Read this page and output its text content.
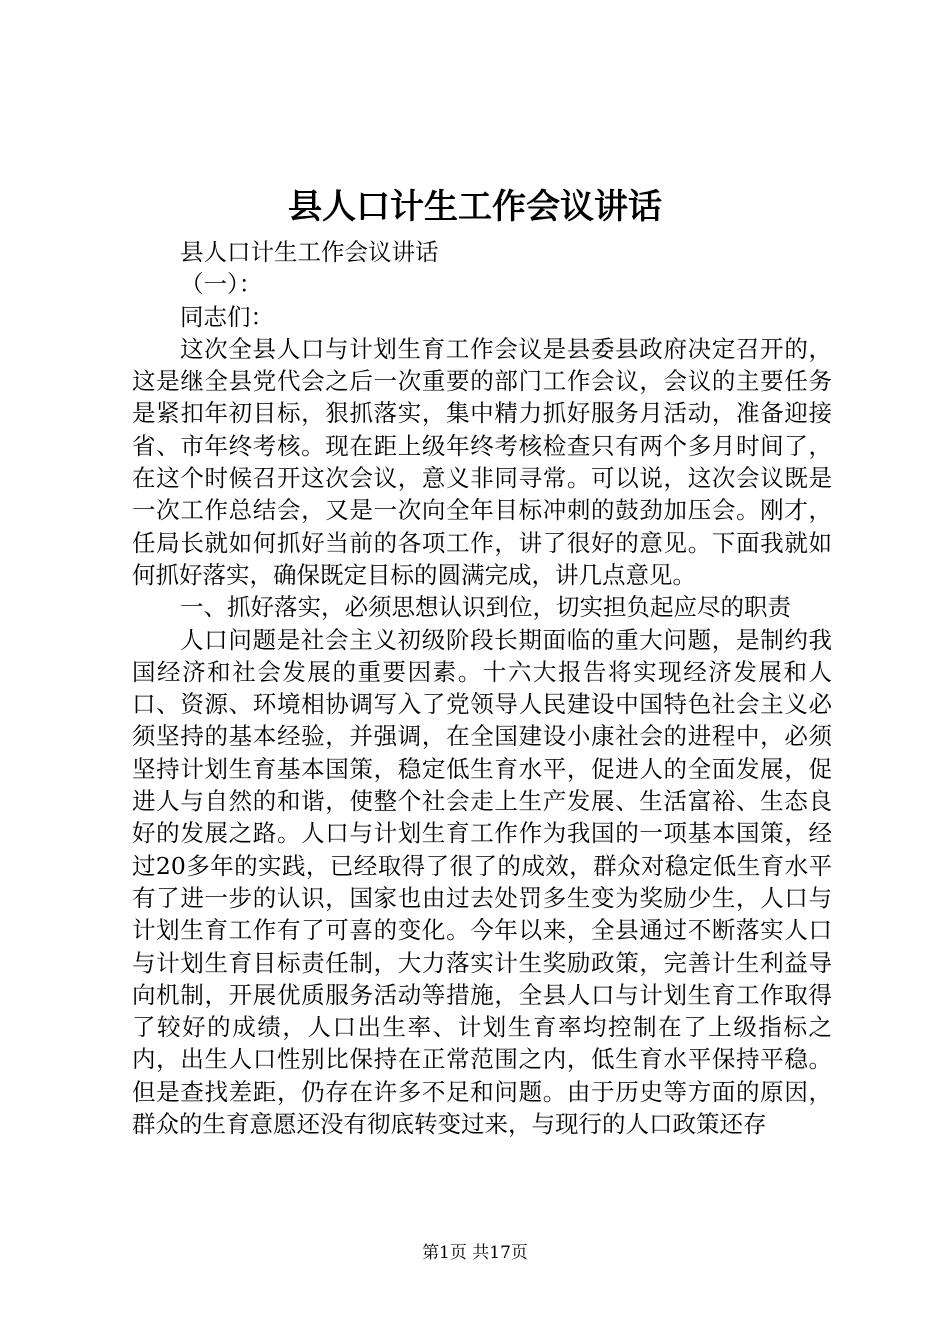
县人口计生工作会议讲话

县人口计生工作会议讲话

（一）：

同志们：

这次全县人口与计划生育工作会议是县委县政府决定召开的，这是继全县党代会之后一次重要的部门工作会议，会议的主要任务是紧扣年初目标，狠抓落实，集中精力抓好服务月活动，准备迎接省、市年终考核。现在距上级年终考核检查只有两个多月时间了，在这个时候召开这次会议，意义非同寻常。可以说，这次会议既是一次工作总结会，又是一次向全年目标冲刺的鼓劲加压会。刚才，任局长就如何抓好当前的各项工作，讲了很好的意见。下面我就如何抓好落实，确保既定目标的圆满完成，讲几点意见。

一、抓好落实，必须思想认识到位，切实担负起应尽的职责

人口问题是社会主义初级阶段长期面临的重大问题，是制约我国经济和社会发展的重要因素。十六大报告将实现经济发展和人口、资源、环境相协调写入了党领导人民建设中国特色社会主义必须坚持的基本经验，并强调，在全国建设小康社会的进程中，必须坚持计划生育基本国策，稳定低生育水平，促进人的全面发展，促进人与自然的和谐，使整个社会走上生产发展、生活富裕、生态良好的发展之路。人口与计划生育工作作为我国的一项基本国策，经过20多年的实践，已经取得了很了的成效，群众对稳定低生育水平有了进一步的认识，国家也由过去处罚多生变为奖励少生，人口与计划生育工作有了可喜的变化。今年以来，全县通过不断落实人口与计划生育目标责任制，大力落实计生奖励政策，完善计生利益导向机制，开展优质服务活动等措施，全县人口与计划生育工作取得了较好的成绩，人口出生率、计划生育率均控制在了上级指标之内，出生人口性别比保持在正常范围之内，低生育水平保持平稳。但是查找差距，仍存在许多不足和问题。由于历史等方面的原因，群众的生育意愿还没有彻底转变过来，与现行的人口政策还存

第1页 共17页
